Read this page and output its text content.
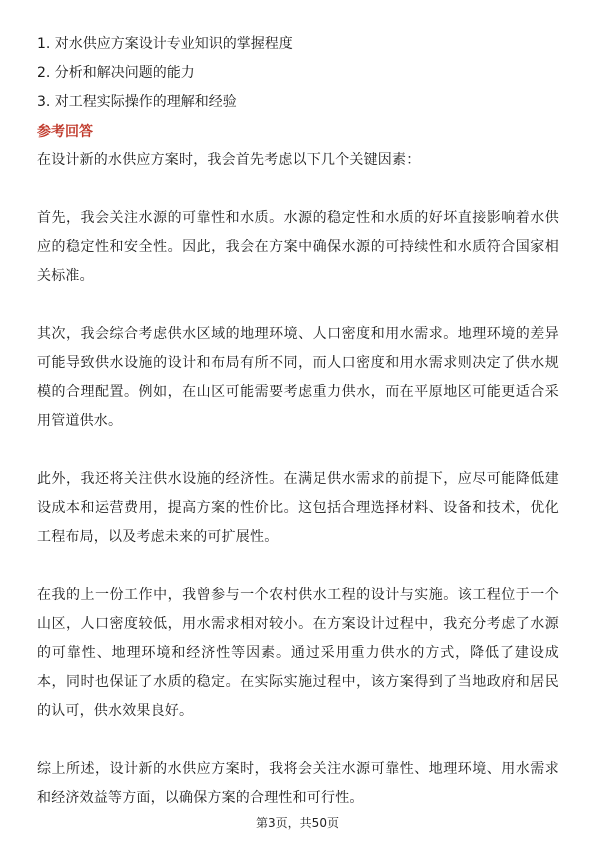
1. 对水供应方案设计专业知识的掌握程度
2. 分析和解决问题的能力
3. 对工程实际操作的理解和经验
参考回答

在设计新的水供应方案时，我会首先考虑以下几个关键因素：

首先，我会关注水源的可靠性和水质。水源的稳定性和水质的好坏直接影响着水供应的稳定性和安全性。因此，我会在方案中确保水源的可持续性和水质符合国家相关标准。

其次，我会综合考虑供水区域的地理环境、人口密度和用水需求。地理环境的差异可能导致供水设施的设计和布局有所不同，而人口密度和用水需求则决定了供水规模的合理配置。例如，在山区可能需要考虑重力供水，而在平原地区可能更适合采用管道供水。

此外，我还将关注供水设施的经济性。在满足供水需求的前提下，应尽可能降低建设成本和运营费用，提高方案的性价比。这包括合理选择材料、设备和技术，优化工程布局，以及考虑未来的可扩展性。

在我的上一份工作中，我曾参与一个农村供水工程的设计与实施。该工程位于一个山区，人口密度较低，用水需求相对较小。在方案设计过程中，我充分考虑了水源的可靠性、地理环境和经济性等因素。通过采用重力供水的方式，降低了建设成本，同时也保证了水质的稳定。在实际实施过程中，该方案得到了当地政府和居民的认可，供水效果良好。

综上所述，设计新的水供应方案时，我将会关注水源可靠性、地理环境、用水需求和经济效益等方面，以确保方案的合理性和可行性。

第3页，共50页
